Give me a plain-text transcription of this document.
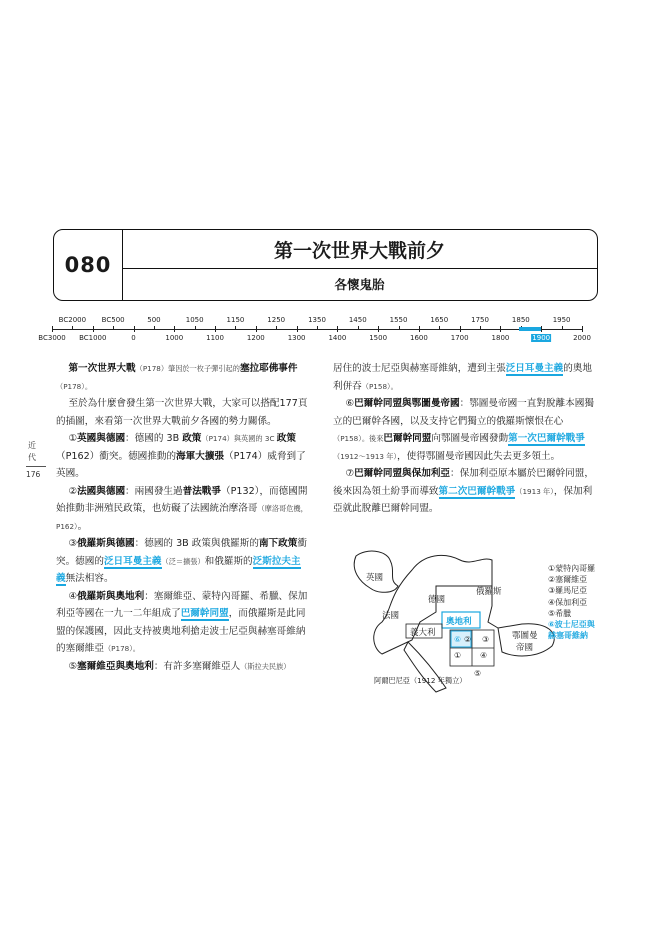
080
第一次世界大戰前夕
各懷鬼胎
BC3000 BC1000	0	1000	1100	1200	1300	1400	1500	1600	1700	1800	1900	2000
BC2000 BC500	500	1050	1150	1250	1350	1450	1550	1650	1750	1850	1950
近
代
176

第一次世界大戰（P178）肇因於一枚子彈引起的塞拉耶佛事件（P178）。

至於為什麼會發生第一次世界大戰，大家可以搭配177頁的插圖，來看第一次世界大戰前夕各國的勢力關係。

①英國與德國：德國的 3B 政策（P174）與英國的 3C 政策（P162）衝突。德國推動的海軍大擴張（P174）威脅到了英國。

②法國與德國：兩國發生過普法戰爭（P132），而德國開始推動非洲殖民政策，也妨礙了法國統治摩洛哥（摩洛哥危機，P162）。

③俄羅斯與德國：德國的 3B 政策與俄羅斯的南下政策衝突。德國的泛日耳曼主義（泛＝擴張）和俄羅斯的泛斯拉夫主義無法相容。

④俄羅斯與奧地利：塞爾維亞、蒙特內哥羅、希臘、保加利亞等國在一九一二年組成了巴爾幹同盟，而俄羅斯是此同盟的保護國，因此支持被奧地利搶走波士尼亞與赫塞哥維納的塞爾維亞（P178）。

⑤塞爾維亞與奧地利：有許多塞爾維亞人（斯拉夫民族）

居住的波士尼亞與赫塞哥維納，遭到主張泛日耳曼主義的奧地利併吞（P158）。

⑥巴爾幹同盟與鄂圖曼帝國：鄂圖曼帝國一直對脫離本國獨立的巴爾幹各國，以及支持它們獨立的俄羅斯懷恨在心（P158）。後來巴爾幹同盟向鄂圖曼帝國發動第一次巴爾幹戰爭（1912～1913 年），使得鄂圖曼帝國因此失去更多領土。

⑦巴爾幹同盟與保加利亞：保加利亞原本屬於巴爾幹同盟，後來因為領土紛爭而導致第二次巴爾幹戰爭（1913 年），保加利亞就此脫離巴爾幹同盟。

英國
德國
俄羅斯
法國
奧地利
義大利	鄂圖曼
帝國
阿爾巴尼亞（1912 年獨立）
⑥ ② ③
① ④
⑤
①蒙特內哥羅
②塞爾維亞
③羅馬尼亞
④保加利亞
⑤希臘
⑥波士尼亞與
赫塞哥維納
